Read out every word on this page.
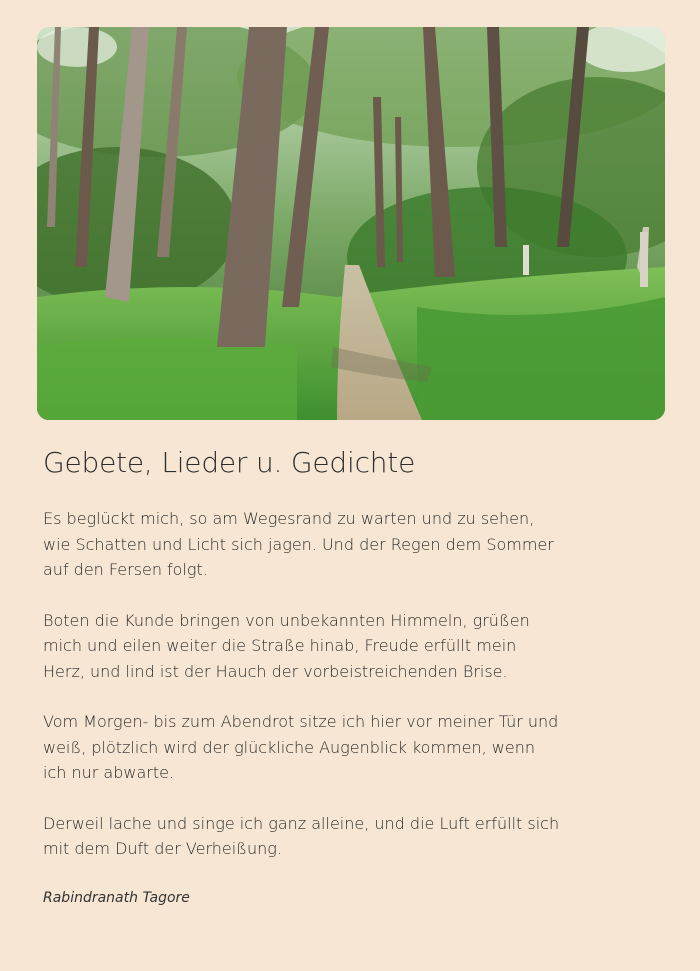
Gebete, Lieder u. Gedichte

Es beglückt mich, so am Wegesrand zu warten und zu sehen, wie Schatten und Licht sich jagen. Und der Regen dem Sommer auf den Fersen folgt.

Boten die Kunde bringen von unbekannten Himmeln, grüßen mich und eilen weiter die Straße hinab, Freude erfüllt mein Herz, und lind ist der Hauch der vorbeistreichenden Brise.

Vom Morgen- bis zum Abendrot sitze ich hier vor meiner Tür und weiß, plötzlich wird der glückliche Augenblick kommen, wenn ich nur abwarte.

Derweil lache und singe ich ganz alleine, und die Luft erfüllt sich mit dem Duft der Verheißung.

Rabindranath Tagore
